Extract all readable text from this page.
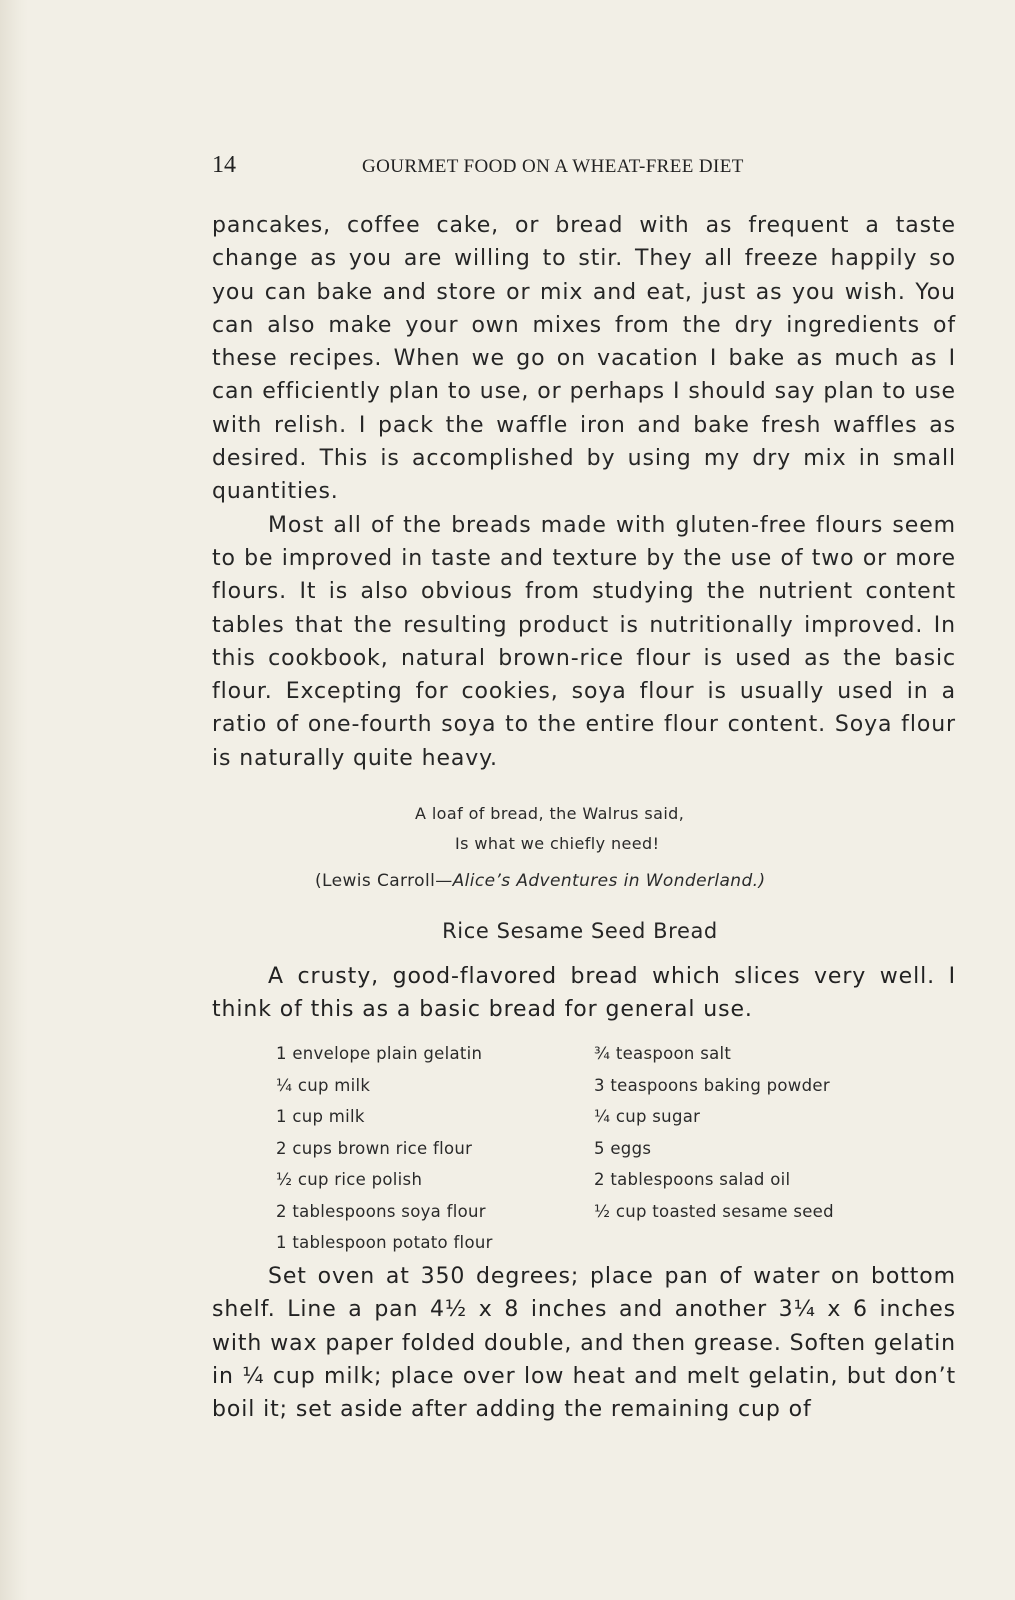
14	GOURMET FOOD ON A WHEAT-FREE DIET

pancakes, coffee cake, or bread with as frequent a taste change as you are willing to stir. They all freeze happily so you can bake and store or mix and eat, just as you wish. You can also make your own mixes from the dry ingredients of these recipes. When we go on vacation I bake as much as I can efficiently plan to use, or perhaps I should say plan to use with relish. I pack the waffle iron and bake fresh waffles as desired. This is accomplished by using my dry mix in small quantities.

Most all of the breads made with gluten-free flours seem to be improved in taste and texture by the use of two or more flours. It is also obvious from studying the nutrient content tables that the resulting product is nutritionally improved. In this cookbook, natural brown-rice flour is used as the basic flour. Excepting for cookies, soya flour is usually used in a ratio of one-fourth soya to the entire flour content. Soya flour is naturally quite heavy.

A loaf of bread, the Walrus said,
Is what we chiefly need!
(Lewis Carroll—Alice’s Adventures in Wonderland.)
Rice Sesame Seed Bread
A crusty, good-flavored bread which slices very well. I think of this as a basic bread for general use.
1 envelope plain gelatin
¼ cup milk
1 cup milk
2 cups brown rice flour
½ cup rice polish
2 tablespoons soya flour
1 tablespoon potato flour
¾ teaspoon salt
3 teaspoons baking powder
¼ cup sugar
5 eggs
2 tablespoons salad oil
½ cup toasted sesame seed
Set oven at 350 degrees; place pan of water on bottom shelf. Line a pan 4½ x 8 inches and another 3¼ x 6 inches with wax paper folded double, and then grease. Soften gelatin in ¼ cup milk; place over low heat and melt gelatin, but don’t boil it; set aside after adding the remaining cup of
